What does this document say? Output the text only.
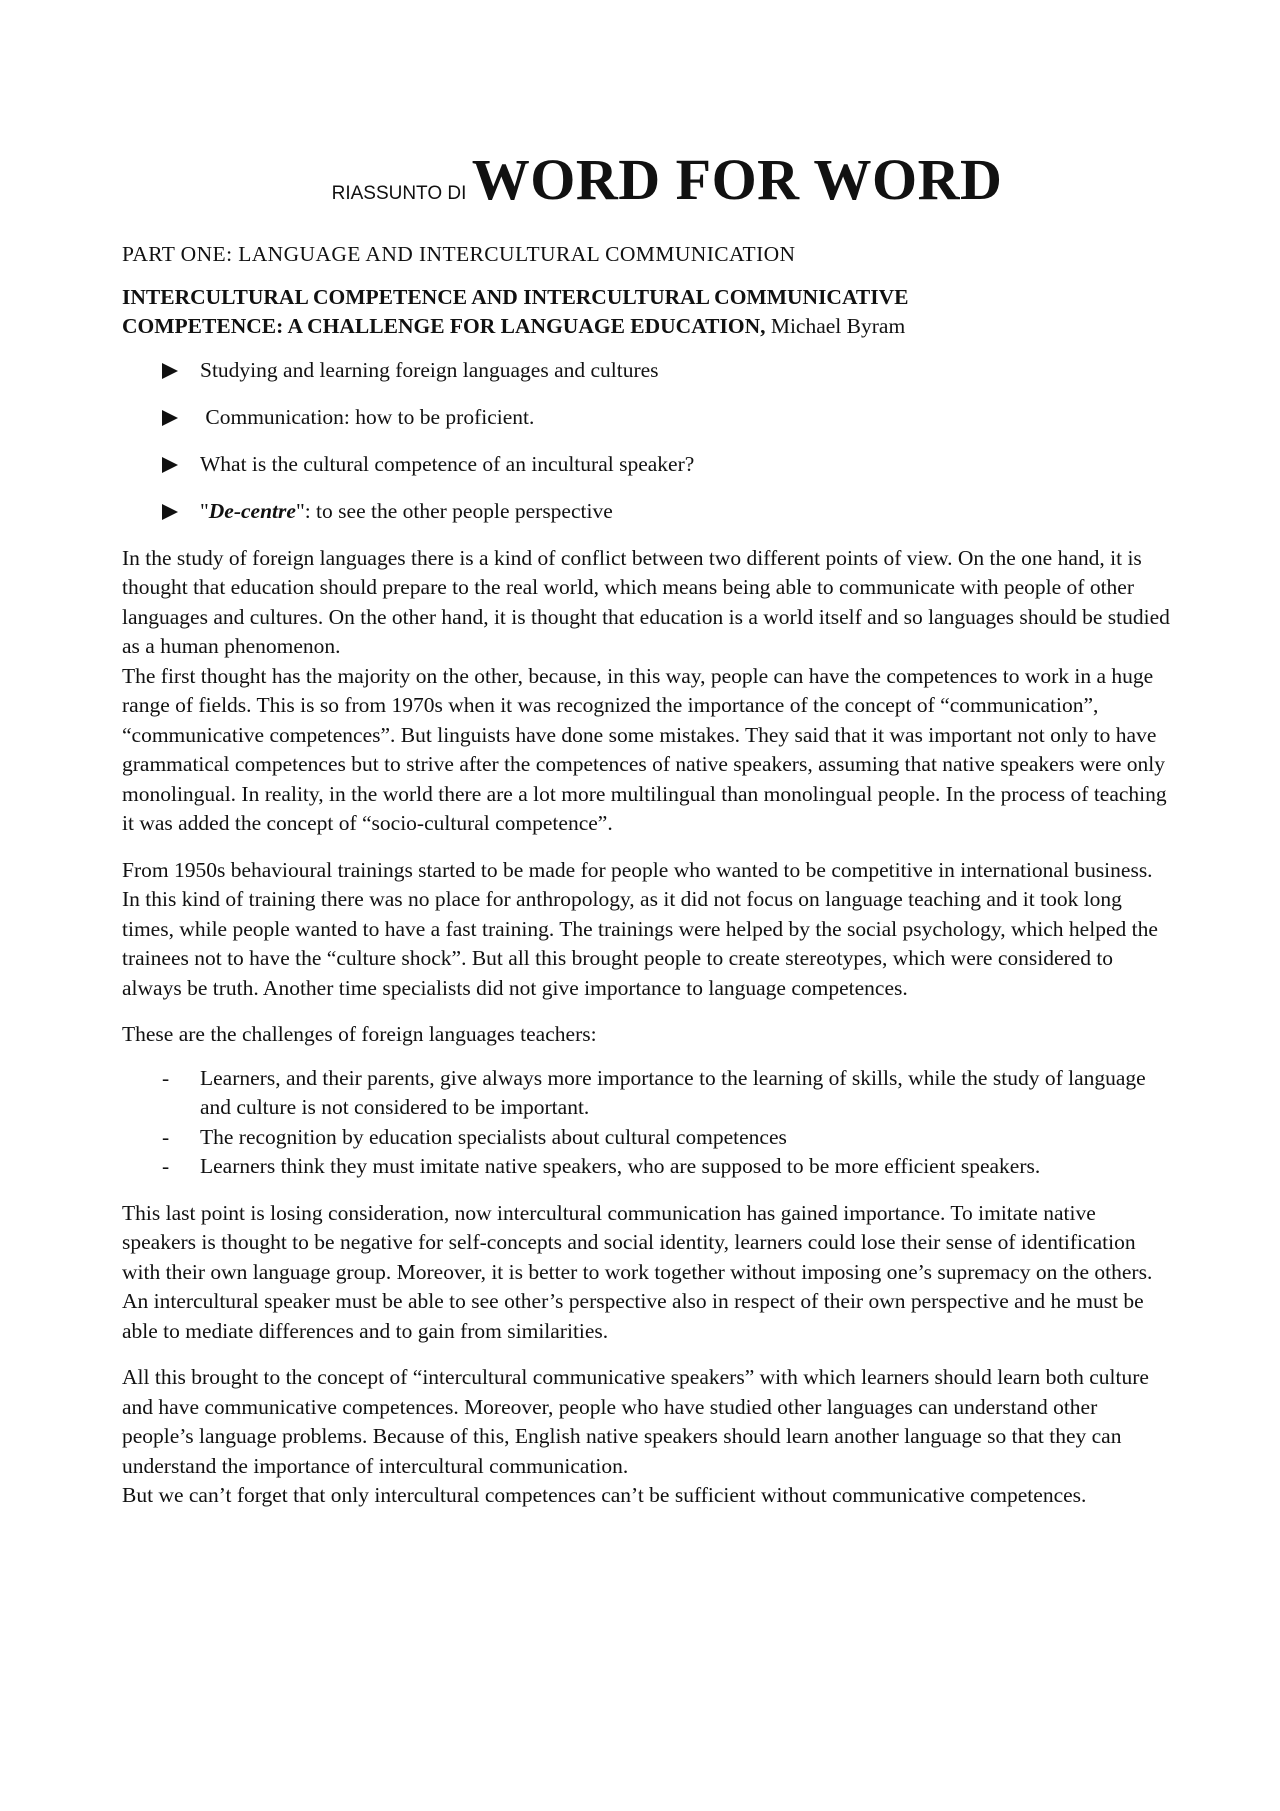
RIASSUNTO DI WORD FOR WORD

PART ONE: LANGUAGE AND INTERCULTURAL COMMUNICATION

INTERCULTURAL COMPETENCE AND INTERCULTURAL COMMUNICATIVE
COMPETENCE: A CHALLENGE FOR LANGUAGE EDUCATION, Michael Byram

Studying and learning foreign languages and cultures
Communication: how to be proficient.
What is the cultural competence of an incultural speaker?
"De-centre": to see the other people perspective

In the study of foreign languages there is a kind of conflict between two different points of view. On the one hand, it is thought that education should prepare to the real world, which means being able to communicate with people of other languages and cultures. On the other hand, it is thought that education is a world itself and so languages should be studied as a human phenomenon.

The first thought has the majority on the other, because, in this way, people can have the competences to work in a huge range of fields. This is so from 1970s when it was recognized the importance of the concept of “communication”, “communicative competences”. But linguists have done some mistakes. They said that it was important not only to have grammatical competences but to strive after the competences of native speakers, assuming that native speakers were only monolingual. In reality, in the world there are a lot more multilingual than monolingual people. In the process of teaching it was added the concept of “socio-cultural competence”.

From 1950s behavioural trainings started to be made for people who wanted to be competitive in international business. In this kind of training there was no place for anthropology, as it did not focus on language teaching and it took long times, while people wanted to have a fast training. The trainings were helped by the social psychology, which helped the trainees not to have the “culture shock”. But all this brought people to create stereotypes, which were considered to always be truth. Another time specialists did not give importance to language competences.

These are the challenges of foreign languages teachers:

- Learners, and their parents, give always more importance to the learning of skills, while the study of language and culture is not considered to be important.
- The recognition by education specialists about cultural competences
- Learners think they must imitate native speakers, who are supposed to be more efficient speakers.

This last point is losing consideration, now intercultural communication has gained importance. To imitate native speakers is thought to be negative for self-concepts and social identity, learners could lose their sense of identification with their own language group. Moreover, it is better to work together without imposing one’s supremacy on the others.

An intercultural speaker must be able to see other’s perspective also in respect of their own perspective and he must be able to mediate differences and to gain from similarities.

All this brought to the concept of “intercultural communicative speakers” with which learners should learn both culture and have communicative competences. Moreover, people who have studied other languages can understand other people’s language problems. Because of this, English native speakers should learn another language so that they can understand the importance of intercultural communication.

But we can’t forget that only intercultural competences can’t be sufficient without communicative competences.
